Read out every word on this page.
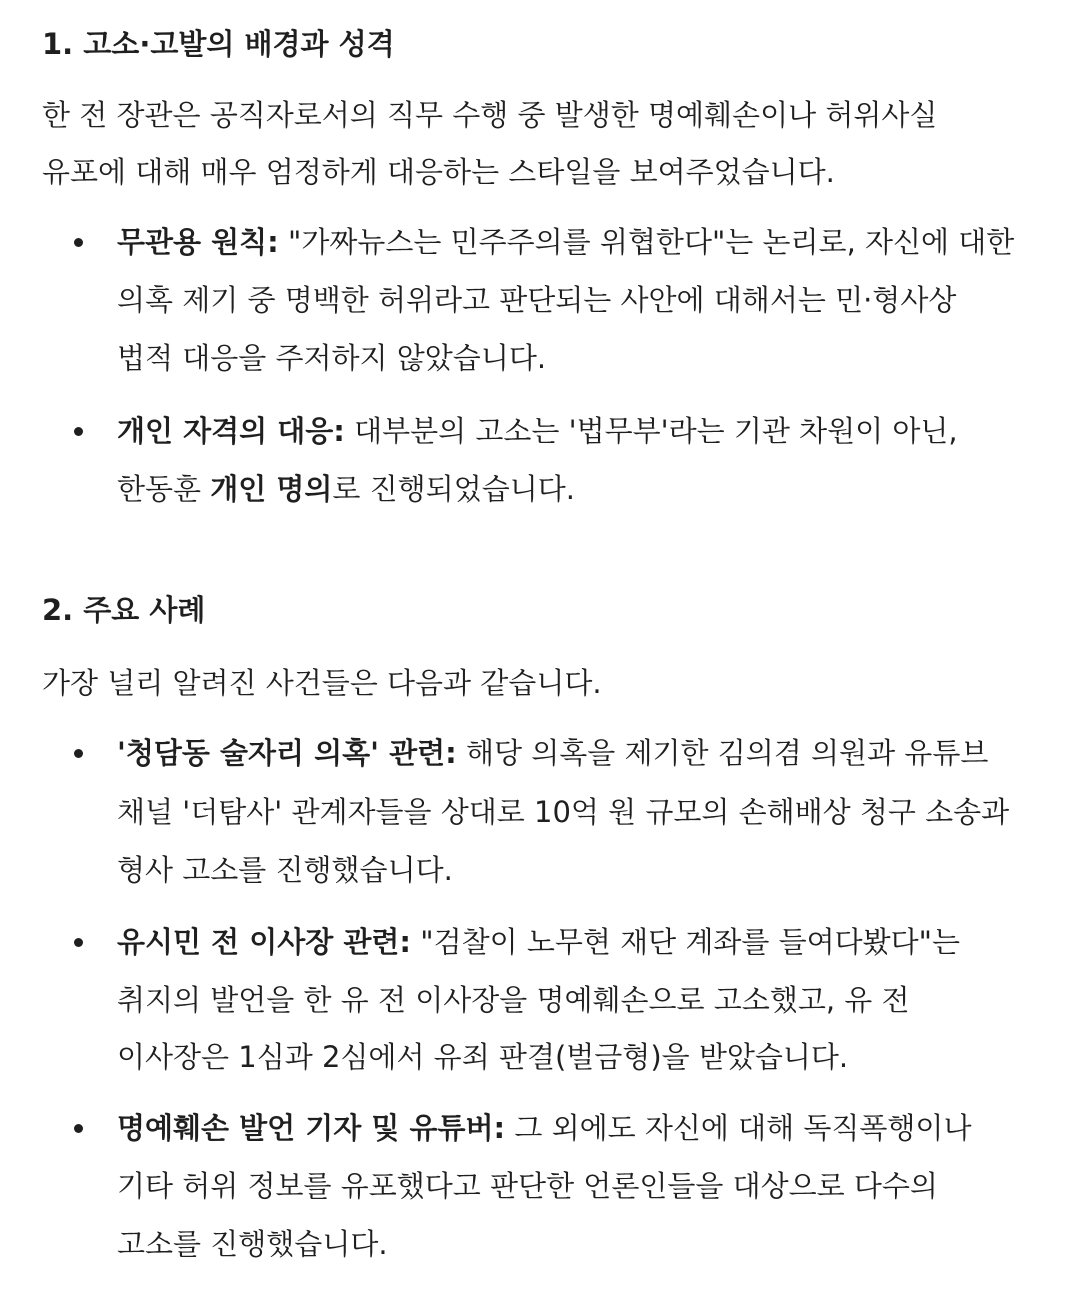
1. 고소·고발의 배경과 성격
한 전 장관은 공직자로서의 직무 수행 중 발생한 명예훼손이나 허위사실
유포에 대해 매우 엄정하게 대응하는 스타일을 보여주었습니다.
무관용 원칙: "가짜뉴스는 민주주의를 위협한다"는 논리로, 자신에 대한
의혹 제기 중 명백한 허위라고 판단되는 사안에 대해서는 민·형사상
법적 대응을 주저하지 않았습니다.
개인 자격의 대응: 대부분의 고소는 '법무부'라는 기관 차원이 아닌,
한동훈 개인 명의로 진행되었습니다.
2. 주요 사례
가장 널리 알려진 사건들은 다음과 같습니다.
'청담동 술자리 의혹' 관련: 해당 의혹을 제기한 김의겸 의원과 유튜브
채널 '더탐사' 관계자들을 상대로 10억 원 규모의 손해배상 청구 소송과
형사 고소를 진행했습니다.
유시민 전 이사장 관련: "검찰이 노무현 재단 계좌를 들여다봤다"는
취지의 발언을 한 유 전 이사장을 명예훼손으로 고소했고, 유 전
이사장은 1심과 2심에서 유죄 판결(벌금형)을 받았습니다.
명예훼손 발언 기자 및 유튜버: 그 외에도 자신에 대해 독직폭행이나
기타 허위 정보를 유포했다고 판단한 언론인들을 대상으로 다수의
고소를 진행했습니다.
